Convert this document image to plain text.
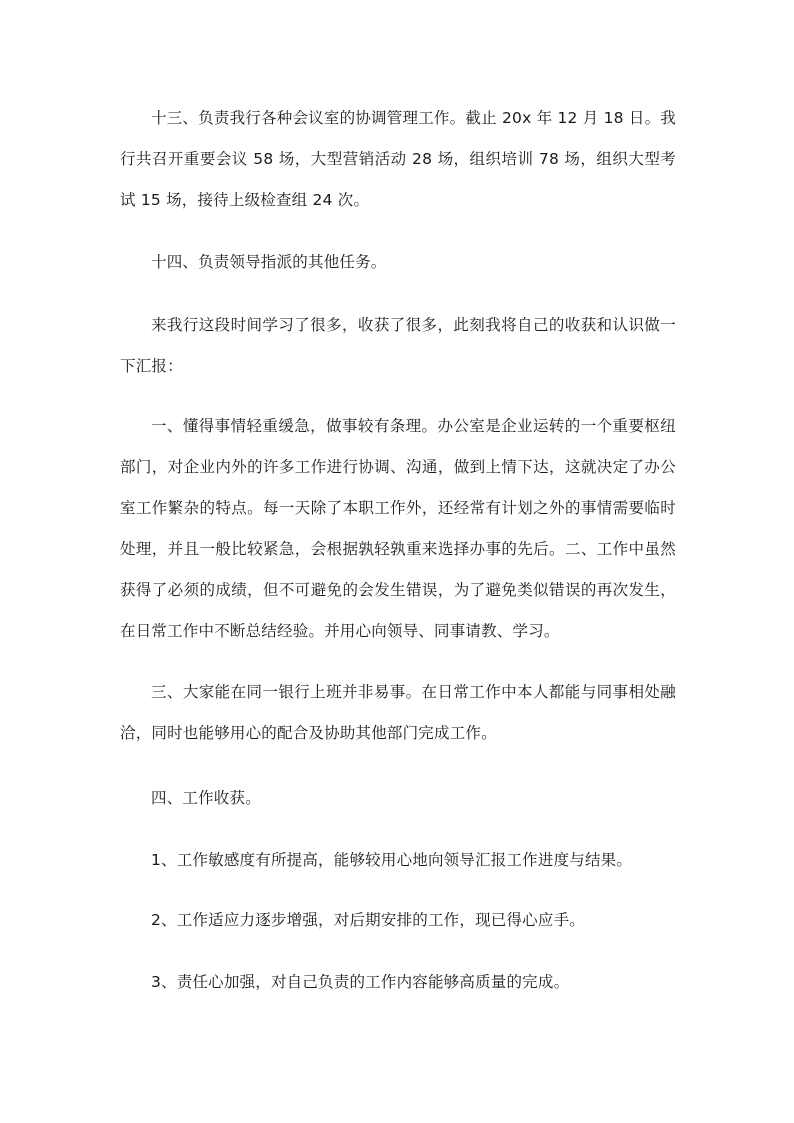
十三、负责我行各种会议室的协调管理工作。截止 20x 年 12 月 18 日。我行共召开重要会议 58 场，大型营销活动 28 场，组织培训 78 场，组织大型考试 15 场，接待上级检查组 24 次。

十四、负责领导指派的其他任务。

来我行这段时间学习了很多，收获了很多，此刻我将自己的收获和认识做一下汇报：

一、懂得事情轻重缓急，做事较有条理。办公室是企业运转的一个重要枢纽部门，对企业内外的许多工作进行协调、沟通，做到上情下达，这就决定了办公室工作繁杂的特点。每一天除了本职工作外，还经常有计划之外的事情需要临时处理，并且一般比较紧急，会根据孰轻孰重来选择办事的先后。二、工作中虽然获得了必须的成绩，但不可避免的会发生错误，为了避免类似错误的再次发生，在日常工作中不断总结经验。并用心向领导、同事请教、学习。

三、大家能在同一银行上班并非易事。在日常工作中本人都能与同事相处融洽，同时也能够用心的配合及协助其他部门完成工作。

四、工作收获。

1、工作敏感度有所提高，能够较用心地向领导汇报工作进度与结果。

2、工作适应力逐步增强，对后期安排的工作，现已得心应手。

3、责任心加强，对自己负责的工作内容能够高质量的完成。
